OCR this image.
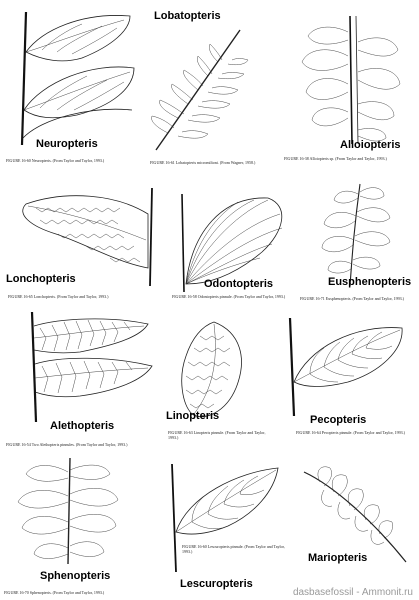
Neuropteris
FIGURE 16-60 Neuropteris. (From Taylor and Taylor, 1993.)
Lobatopteris
FIGURE 16-61 Lobatopteris micromiltoni. (From Wagner, 1958.)
Alloiopteris
FIGURE 16-38 Alloiopteris sp. (From Taylor and Taylor, 1993.)
Lonchopteris
FIGURE 16-65 Lonchopteris. (From Taylor and Taylor, 1993.)
Odontopteris
FIGURE 16-58 Odontopteris pinnule. (From Taylor and Taylor, 1993.)
Eusphenopteris
FIGURE 16-71 Eusphenopteris. (From Taylor and Taylor, 1993.)
Alethopteris
FIGURE 16-54 Two Alethopteris pinnules. (From Taylor and Taylor, 1993.)
Linopteris
FIGURE 16-63 Linopteris pinnule. (From Taylor and Taylor, 1993.)
Pecopteris
FIGURE 16-64 Pecopteris pinnule. (From Taylor and Taylor, 1993.)
Sphenopteris
FIGURE 16-70 Sphenopteris. (From Taylor and Taylor, 1993.)
Lescuropteris
FIGURE 16-60 Lescuropteris pinnule. (From Taylor and Taylor, 1993.)
Mariopteris
dasbasefossil - Ammonit.ru
